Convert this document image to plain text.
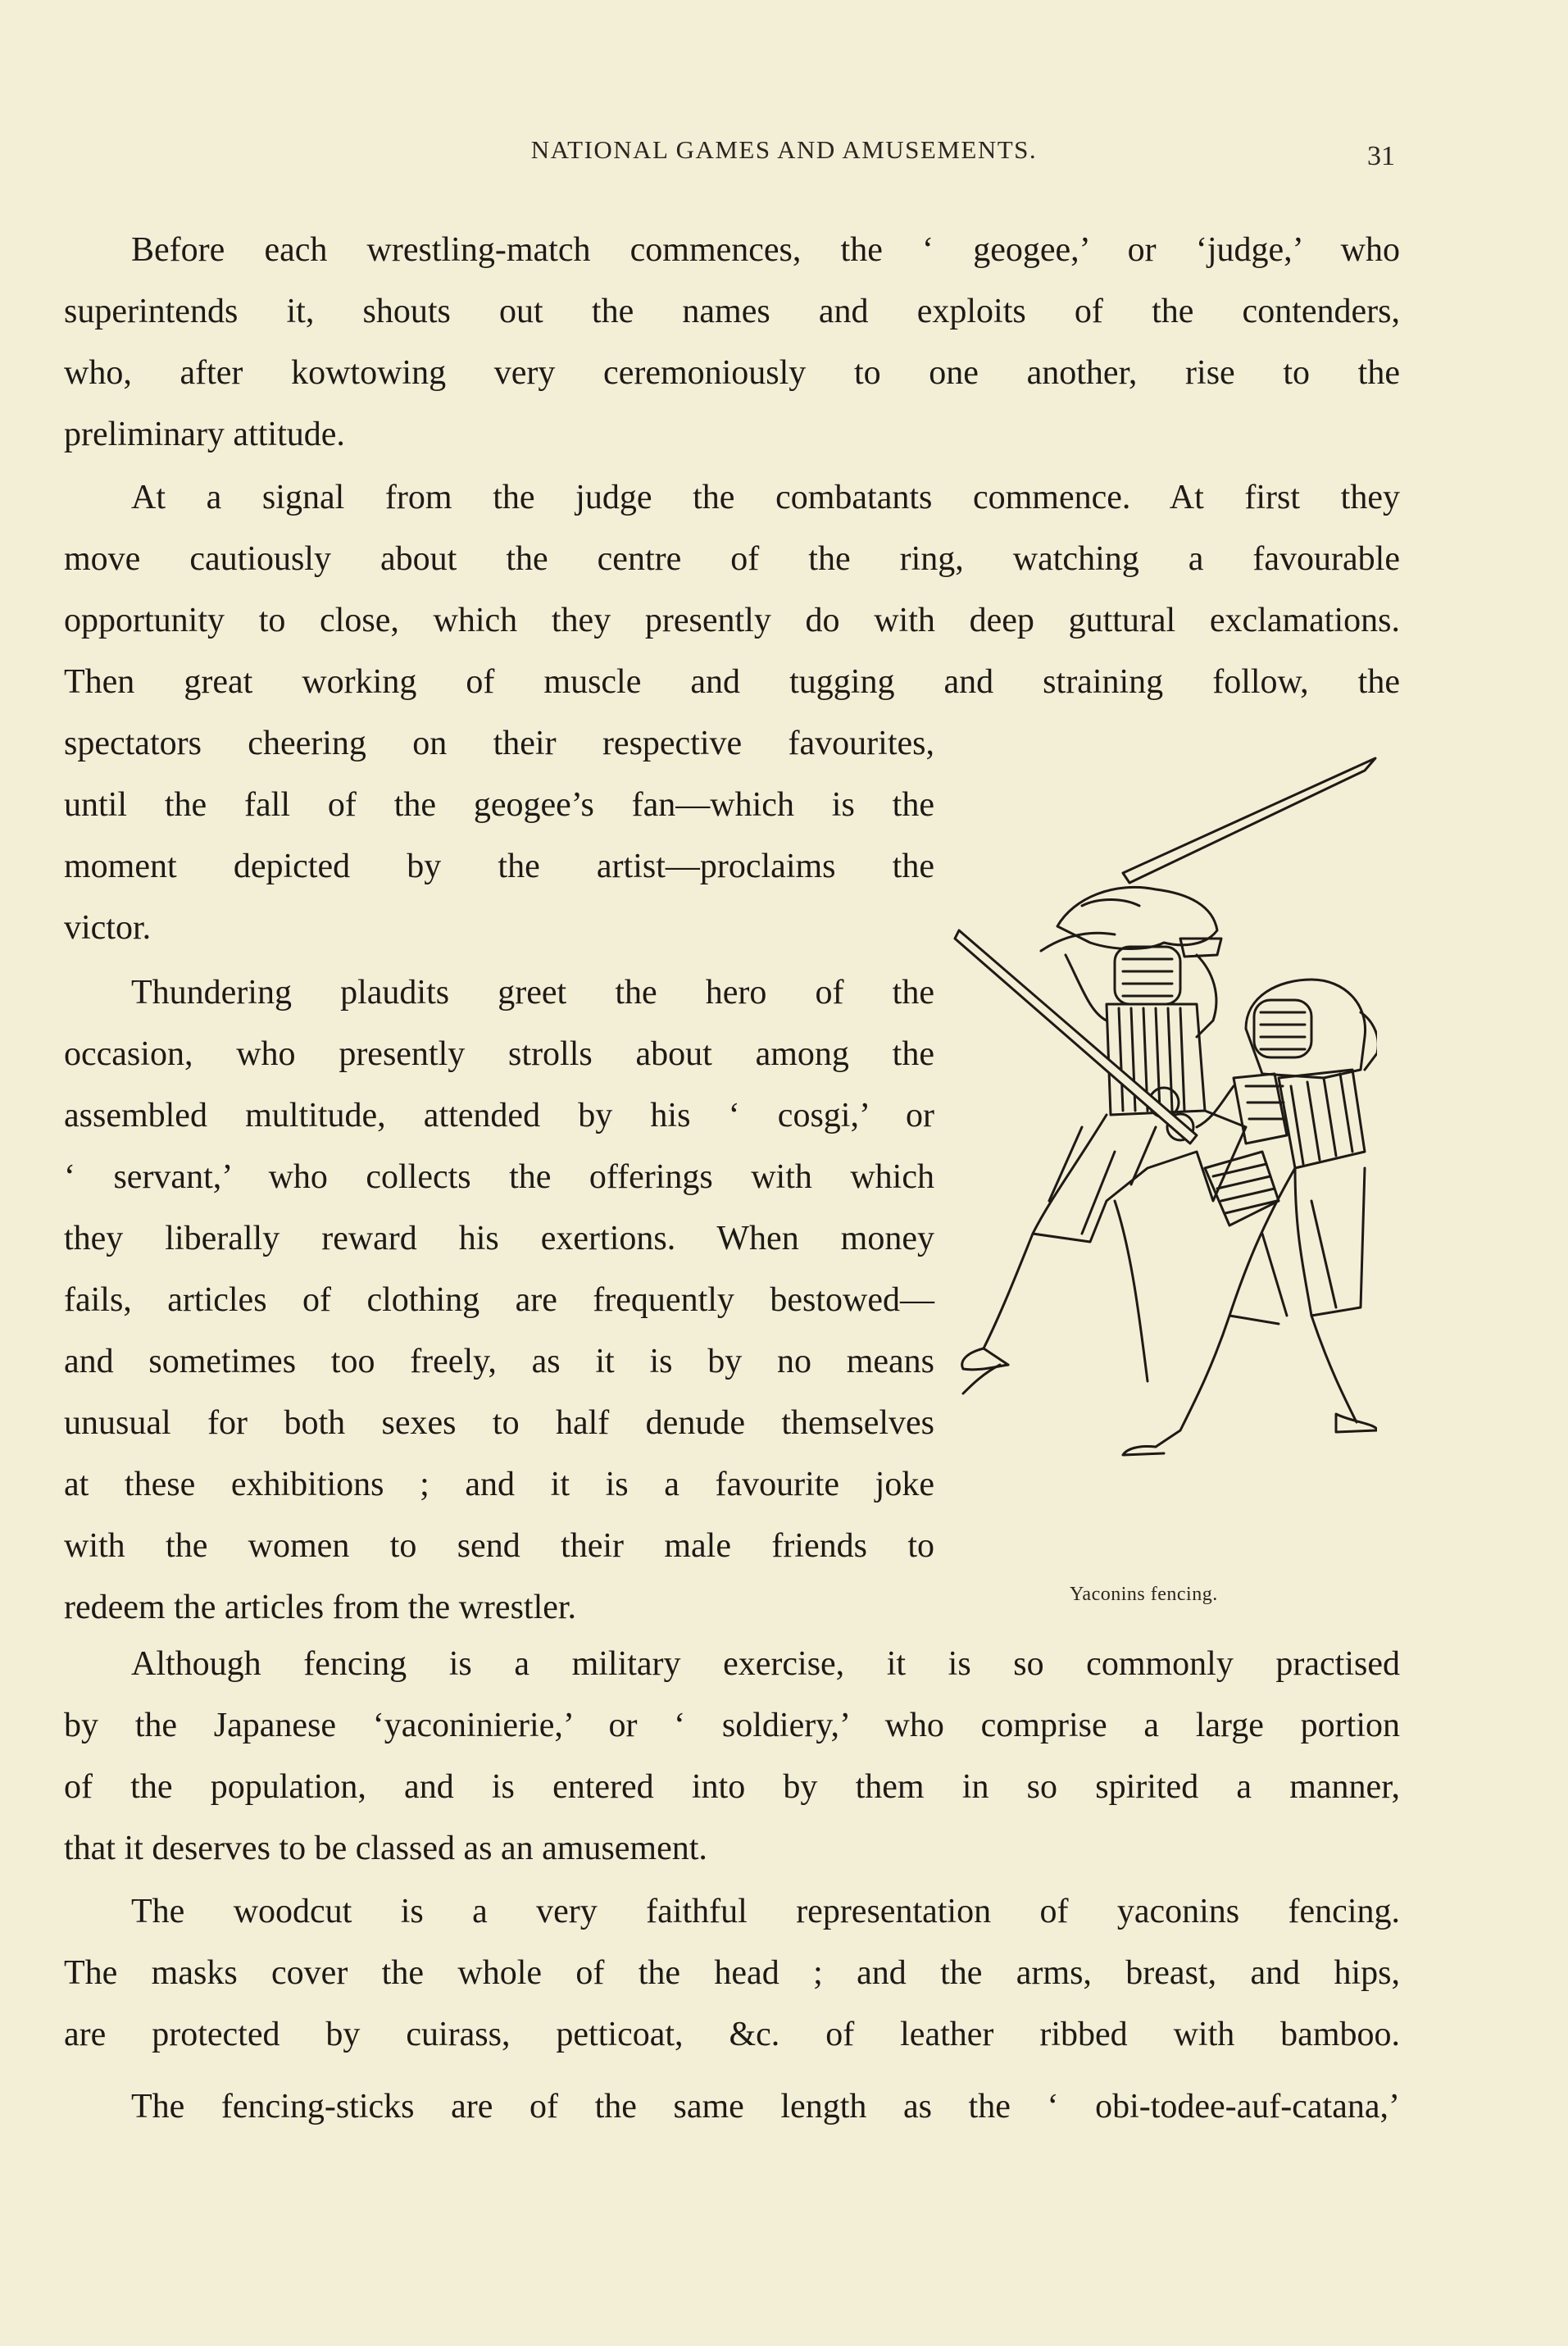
NATIONAL GAMES AND AMUSEMENTS.	31
Before each wrestling-match commences, the ‘ geogee,’ or ‘judge,’ who
superintends it, shouts out the names and exploits of the contenders,
who, after kowtowing very ceremoniously to one another, rise to the
preliminary attitude.
At a signal from the judge the combatants commence. At first they
move cautiously about the centre of the ring, watching a favourable
opportunity to close, which they presently do with deep guttural exclamations.
Then great working of muscle and tugging and straining follow, the
spectators cheering on their respective favourites,
until the fall of the geogee’s fan—which is the
moment depicted by the artist—proclaims the
victor.
Thundering plaudits greet the hero of the
occasion, who presently strolls about among the
assembled multitude, attended by his ‘ cosgi,’ or
‘ servant,’ who collects the offerings with which
they liberally reward his exertions. When money
fails, articles of clothing are frequently bestowed—
and sometimes too freely, as it is by no means
unusual for both sexes to half denude themselves
at these exhibitions ; and it is a favourite joke
with the women to send their male friends to
redeem the articles from the wrestler.	Yaconins fencing.
Although fencing is a military exercise, it is so commonly practised
by the Japanese ‘yaconinierie,’ or ‘ soldiery,’ who comprise a large portion
of the population, and is entered into by them in so spirited a manner,
that it deserves to be classed as an amusement.
The woodcut is a very faithful representation of yaconins fencing.
The masks cover the whole of the head ; and the arms, breast, and hips,
are protected by cuirass, petticoat, &c. of leather ribbed with bamboo.
The fencing-sticks are of the same length as the ‘ obi-todee-auf-catana,’
